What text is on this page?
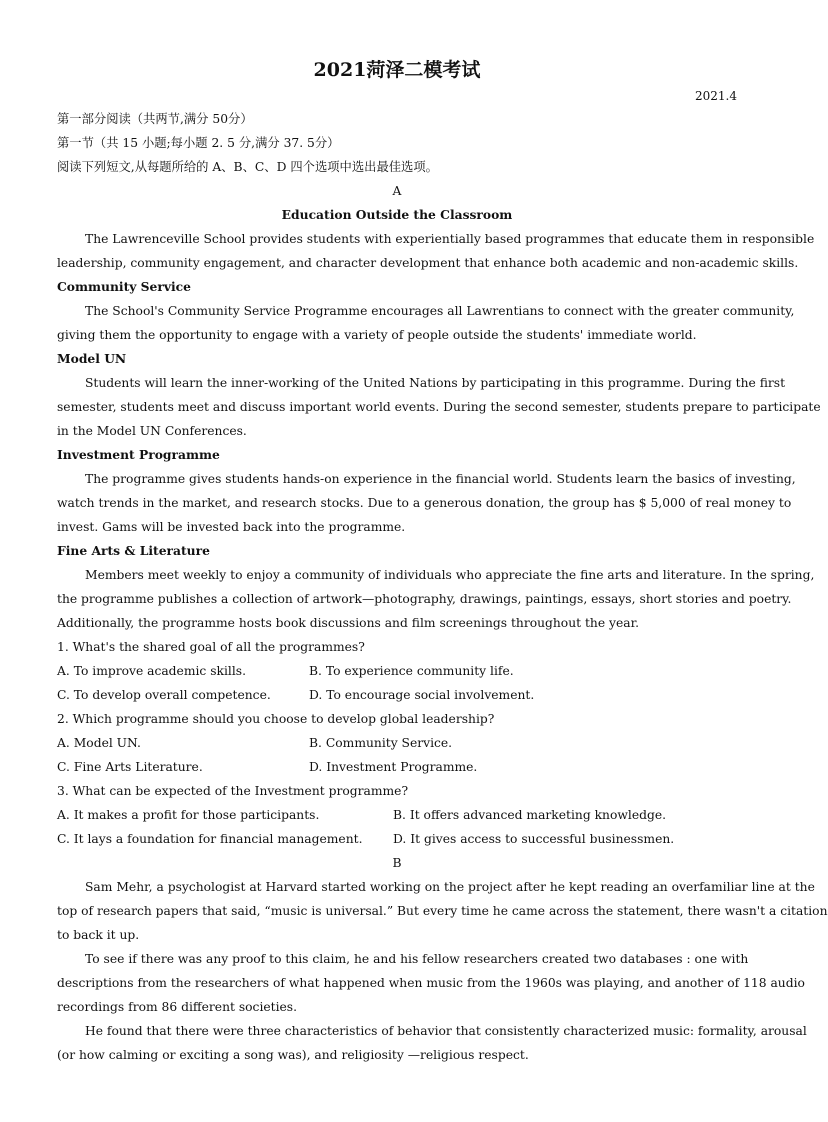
2021菏泽二模考试
2021.4
第一部分阅读（共两节,满分 50分）
第一节（共 15 小题;每小题 2. 5 分,满分 37. 5分）
阅读下列短文,从每题所给的 A、B、C、D 四个选项中选出最佳选项。
A
Education Outside the Classroom
The Lawrenceville School provides students with experientially based programmes that educate them in responsible
leadership, community engagement, and character development that enhance both academic and non-academic skills.
Community Service
The School's Community Service Programme encourages all Lawrentians to connect with the greater community,
giving them the opportunity to engage with a variety of people outside the students' immediate world.
Model UN
Students will learn the inner-working of the United Nations by participating in this programme. During the first
semester, students meet and discuss important world events. During the second semester, students prepare to participate
in the Model UN Conferences.
Investment Programme
The programme gives students hands-on experience in the financial world. Students learn the basics of investing,
watch trends in the market, and research stocks. Due to a generous donation, the group has $ 5,000 of real money to
invest. Gams will be invested back into the programme.
Fine Arts & Literature
Members meet weekly to enjoy a community of individuals who appreciate the fine arts and literature. In the spring,
the programme publishes a collection of artwork—photography, drawings, paintings, essays, short stories and poetry.
Additionally, the programme hosts book discussions and film screenings throughout the year.
1. What's the shared goal of all the programmes?
A. To improve academic skills.	B. To experience community life.
C. To develop overall competence.	D. To encourage social involvement.
2. Which programme should you choose to develop global leadership?
A. Model UN.	B. Community Service.
C. Fine Arts Literature.	D. Investment Programme.
3. What can be expected of the Investment programme?
A. It makes a profit for those participants.	B. It offers advanced marketing knowledge.
C. It lays a foundation for financial management. D. It gives access to successful businessmen.
B
Sam Mehr, a psychologist at Harvard started working on the project after he kept reading an overfamiliar line at the
top of research papers that said, “music is universal.” But every time he came across the statement, there wasn't a citation
to back it up.
To see if there was any proof to this claim, he and his fellow researchers created two databases : one with
descriptions from the researchers of what happened when music from the 1960s was playing, and another of 118 audio
recordings from 86 different societies.
He found that there were three characteristics of behavior that consistently characterized music: formality, arousal
(or how calming or exciting a song was), and religiosity —religious respect.
